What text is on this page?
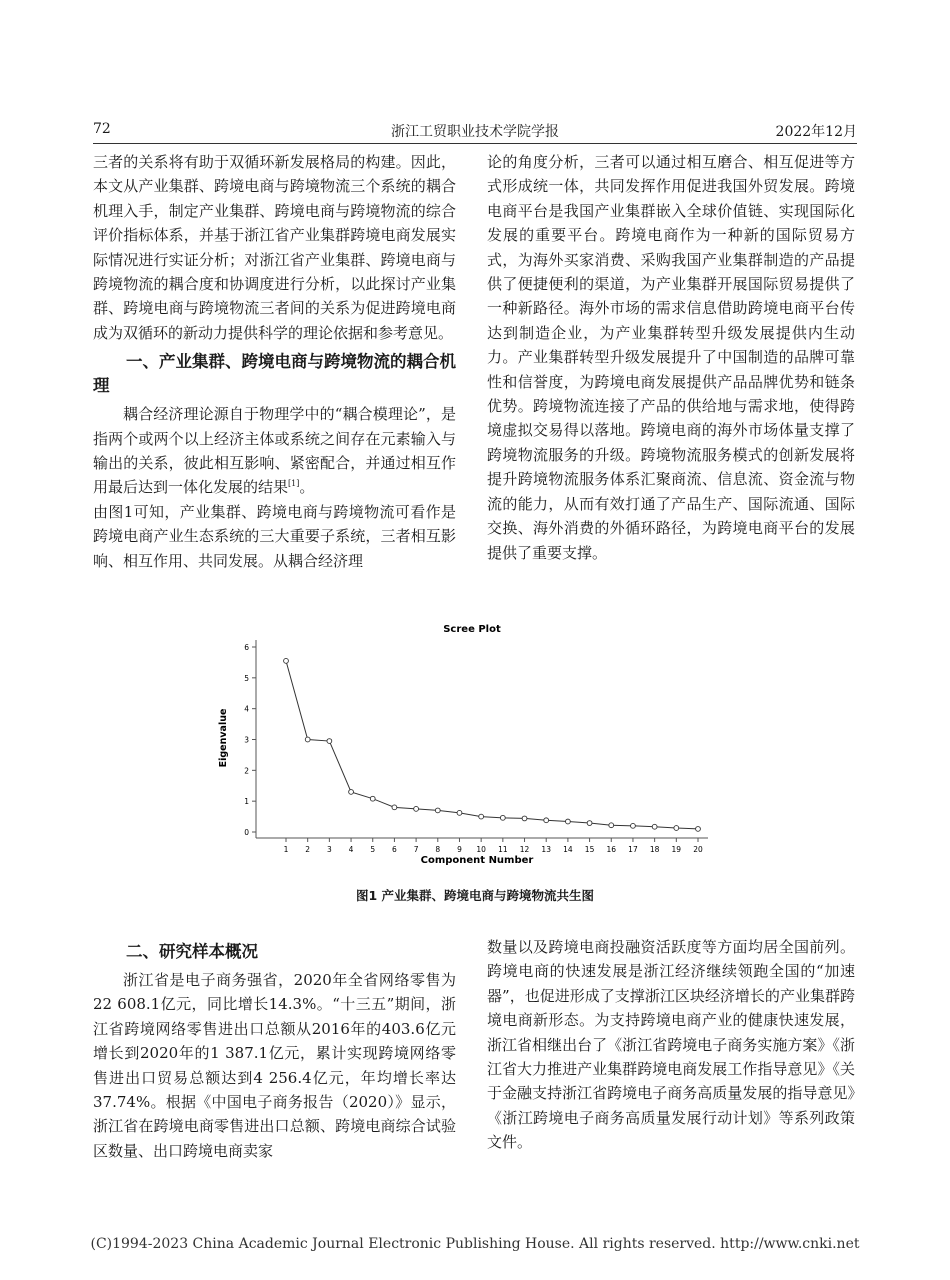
72	浙江工贸职业技术学院学报	2022年12月

三者的关系将有助于双循环新发展格局的构建。因此，本文从产业集群、跨境电商与跨境物流三个系统的耦合机理入手，制定产业集群、跨境电商与跨境物流的综合评价指标体系，并基于浙江省产业集群跨境电商发展实际情况进行实证分析；对浙江省产业集群、跨境电商与跨境物流的耦合度和协调度进行分析，以此探讨产业集群、跨境电商与跨境物流三者间的关系为促进跨境电商成为双循环的新动力提供科学的理论依据和参考意见。

一、产业集群、跨境电商与跨境物流的耦合机理

耦合经济理论源自于物理学中的“耦合模理论”，是指两个或两个以上经济主体或系统之间存在元素输入与输出的关系，彼此相互影响、紧密配合，并通过相互作用最后达到一体化发展的结果[1]。

由图1可知，产业集群、跨境电商与跨境物流可看作是跨境电商产业生态系统的三大重要子系统，三者相互影响、相互作用、共同发展。从耦合经济理

论的角度分析，三者可以通过相互磨合、相互促进等方式形成统一体，共同发挥作用促进我国外贸发展。跨境电商平台是我国产业集群嵌入全球价值链、实现国际化发展的重要平台。跨境电商作为一种新的国际贸易方式，为海外买家消费、采购我国产业集群制造的产品提供了便捷便利的渠道，为产业集群开展国际贸易提供了一种新路径。海外市场的需求信息借助跨境电商平台传达到制造企业，为产业集群转型升级发展提供内生动力。产业集群转型升级发展提升了中国制造的品牌可靠性和信誉度，为跨境电商发展提供产品品牌优势和链条优势。跨境物流连接了产品的供给地与需求地，使得跨境虚拟交易得以落地。跨境电商的海外市场体量支撑了跨境物流服务的升级。跨境物流服务模式的创新发展将提升跨境物流服务体系汇聚商流、信息流、资金流与物流的能力，从而有效打通了产品生产、国际流通、国际交换、海外消费的外循环路径，为跨境电商平台的发展提供了重要支撑。

Scree Plot
Eigenvalue
Component Number
0
1
2
3
4
5
6
1 2 3 4 5 6 7 8 9 10 11 12 13 14 15 16 17 18 19 20
图1 产业集群、跨境电商与跨境物流共生图
二、研究样本概况

浙江省是电子商务强省，2020年全省网络零售为22 608.1亿元，同比增长14.3%。“十三五”期间，浙江省跨境网络零售进出口总额从2016年的403.6亿元增长到2020年的1 387.1亿元，累计实现跨境网络零售进出口贸易总额达到4 256.4亿元，年均增长率达37.74%。根据《中国电子商务报告（2020）》显示，浙江省在跨境电商零售进出口总额、跨境电商综合试验区数量、出口跨境电商卖家

数量以及跨境电商投融资活跃度等方面均居全国前列。跨境电商的快速发展是浙江经济继续领跑全国的“加速器”，也促进形成了支撑浙江区块经济增长的产业集群跨境电商新形态。为支持跨境电商产业的健康快速发展，浙江省相继出台了《浙江省跨境电子商务实施方案》《浙江省大力推进产业集群跨境电商发展工作指导意见》《关于金融支持浙江省跨境电子商务高质量发展的指导意见》《浙江跨境电子商务高质量发展行动计划》等系列政策文件。

(C)1994-2023 China Academic Journal Electronic Publishing House. All rights reserved. http://www.cnki.net
